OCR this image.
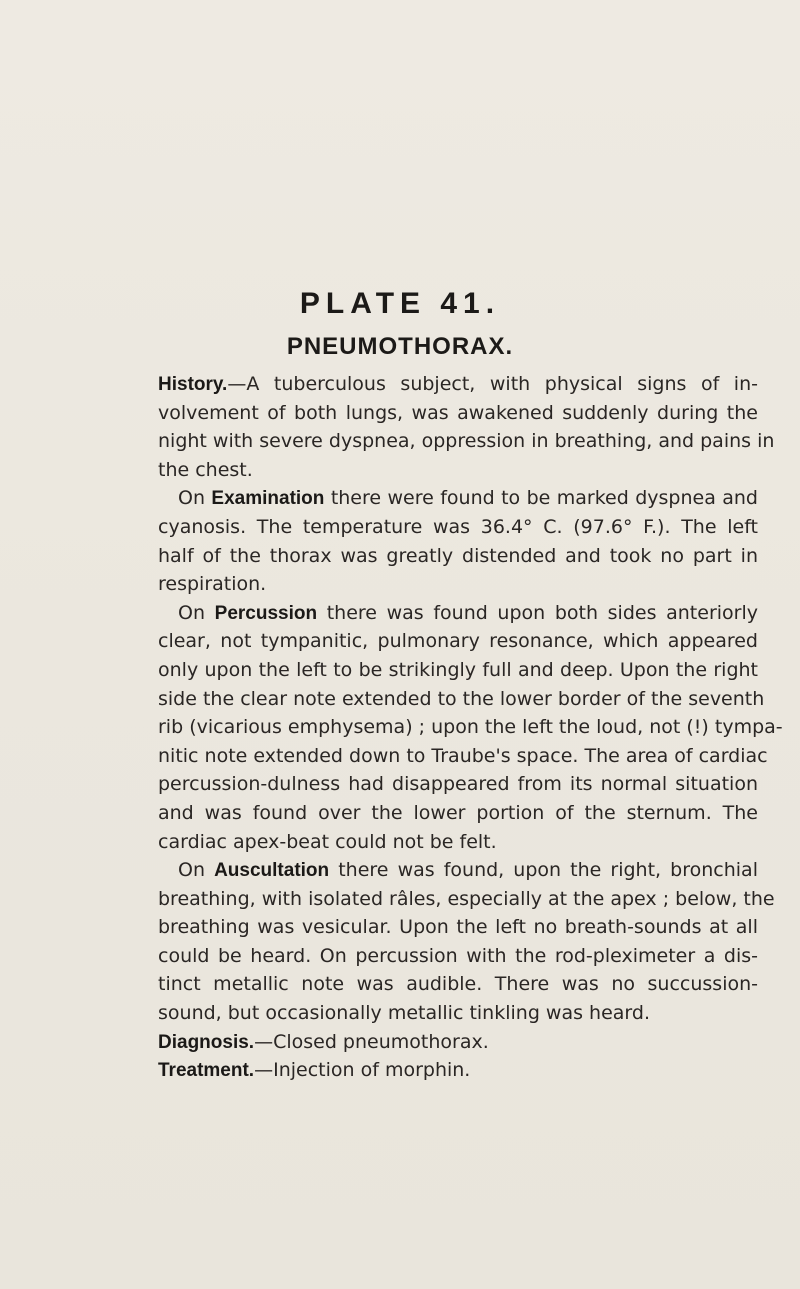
PLATE 41.
PNEUMOTHORAX.
History.—A tuberculous subject, with physical signs of in-
volvement of both lungs, was awakened suddenly during the
night with severe dyspnea, oppression in breathing, and pains in
the chest.
On Examination there were found to be marked dyspnea and
cyanosis. The temperature was 36.4° C. (97.6° F.). The left
half of the thorax was greatly distended and took no part in
respiration.
On Percussion there was found upon both sides anteriorly
clear, not tympanitic, pulmonary resonance, which appeared
only upon the left to be strikingly full and deep. Upon the right
side the clear note extended to the lower border of the seventh
rib (vicarious emphysema) ; upon the left the loud, not (!) tympa-
nitic note extended down to Traube's space. The area of cardiac
percussion-dulness had disappeared from its normal situation
and was found over the lower portion of the sternum. The
cardiac apex-beat could not be felt.
On Auscultation there was found, upon the right, bronchial
breathing, with isolated râles, especially at the apex ; below, the
breathing was vesicular. Upon the left no breath-sounds at all
could be heard. On percussion with the rod-pleximeter a dis-
tinct metallic note was audible. There was no succussion-
sound, but occasionally metallic tinkling was heard.
Diagnosis.—Closed pneumothorax.
Treatment.—Injection of morphin.
